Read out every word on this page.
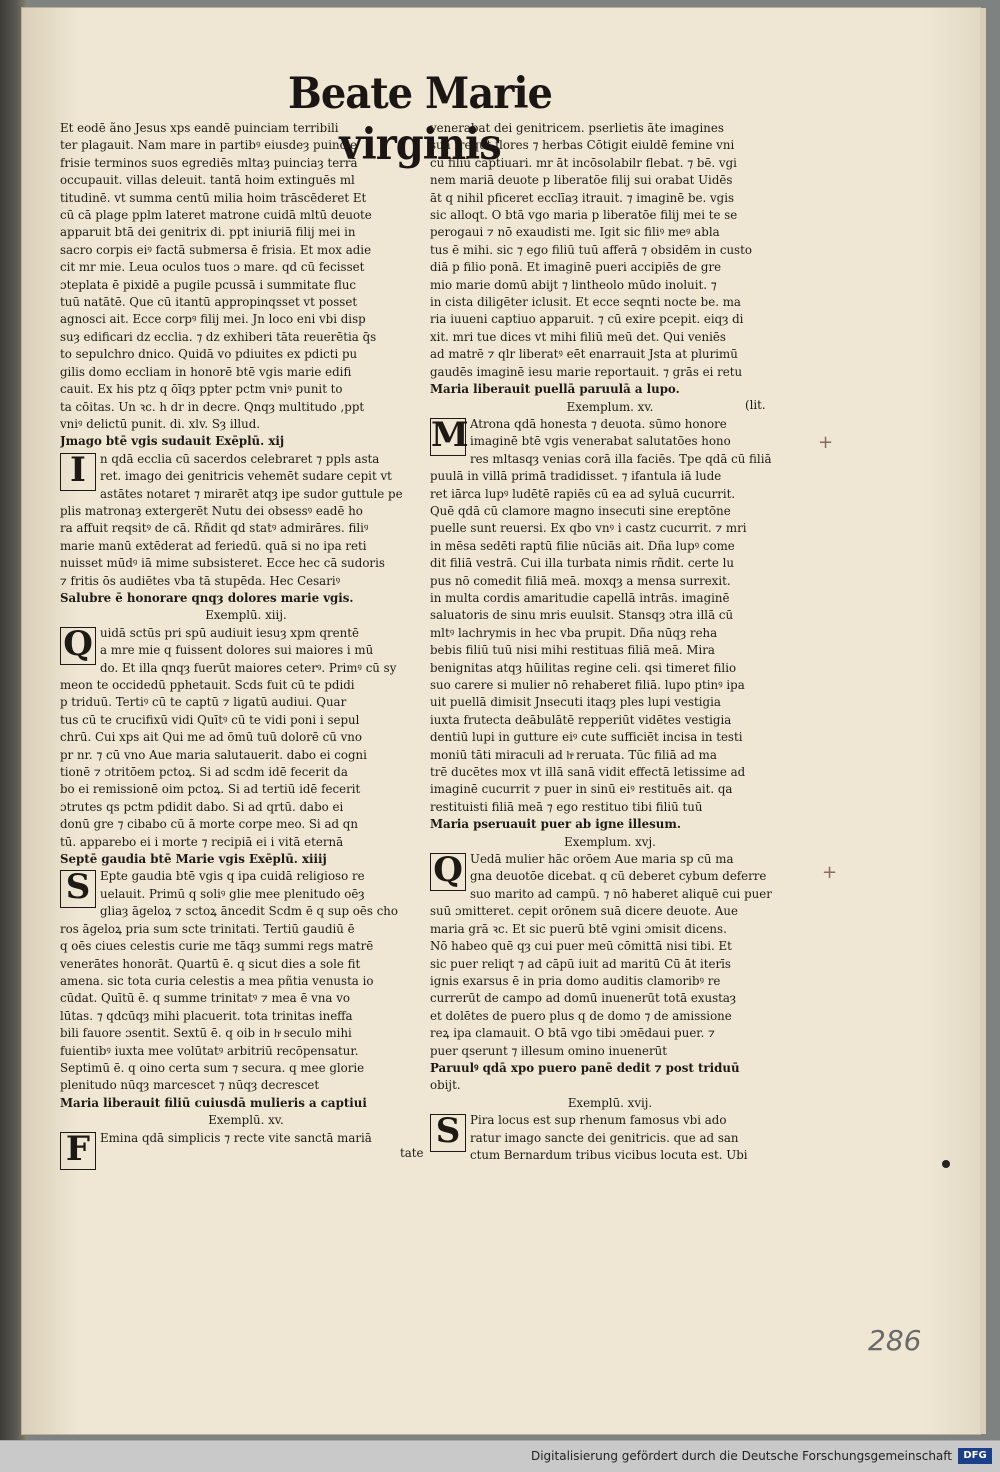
Beate Marie virginis
Et eodē ãno Jesus xps eandē puinciam terribili
ter plagauit. Nam mare in partibꝰ eiusdeȝ puincie
frisie terminos suos egrediēs mltaȝ puinciaȝ terrā
occupauit. villas deleuit. tantā hoim extinguēs ml
titudinē. vt summa centū milia hoim trāscēderet Et
cū cā plage pplm lateret matrone cuidā mltū deuote
apparuit btā dei genitrix di. ppt iniuriā filij mei in
sacro corpis eiꝰ factā submersa ē frisia. Et mox adie
cit mr mie. Leua oculos tuos ɔ mare. qd cū fecisset
ɔteplata ē pixidē a pugile pcussā i summitate fluc
tuū natātē. Que cū itantū appropinqsset vt posset
agnosci ait. Ecce corpꝰ filij mei. Jn loco eni vbi disp
suȝ edificari dz ecclia. ⁊ dz exhiberi tāta reuerētia q̄s
to sepulchro dnico. Quidā vo pdiuites ex pdicti pu
gilis domo eccliam in honorē btē vgis marie edifi
cauit. Ex his ptz q ōīqȝ ppter pctm vniꝰ punit to
ta cōitas. Un ꝛc. h dr in decre. Qnqȝ multitudo ,ppt
vniꝰ delictū punit. di. xlv. Sȝ illud.
Jmago btē vgis sudauit Exēplū. xij
I	n qdā ecclia cū sacerdos celebraret ⁊ ppls asta
ret. imago dei genitricis vehemēt sudare cepit vt
astātes notaret ⁊ mirarēt atqȝ ipe sudor guttule pe
plis matronaȝ extergerēt Nutu dei obsessꝰ eadē ho
ra affuit reqsitꝰ de cā. Rñdit qd statꝰ admirāres. filiꝰ
marie manū extēderat ad feriedū. quā si no ipa reti
nuisset mūdꝰ iā mime subsisteret. Ecce hec cā sudoris
⁊ fritis ōs audiētes vba tā stupēda. Hec Cesariꝰ
Salubre ē honorare qnqȝ dolores marie vgis.
Exemplū. xiij.
Q uidā sctūs pri spū audiuit iesuȝ xpm qrentē
a mre mie q fuissent dolores sui maiores i mū
do. Et illa qnqȝ fuerūt maiores ceterꝰ. Primꝰ cū sy
meon te occidedū pphetauit. Scds fuit cū te pdidi
p triduū. Tertiꝰ cū te captū ⁊ ligatū audiui. Quar
tus cū te crucifixū vidi Quītꝰ cū te vidi poni i sepul
chrū. Cui xps ait Qui me ad ōmū tuū dolorē cū vno
pr nr. ⁊ cū vno Aue maria salutauerit. dabo ei cogni
tionē ⁊ ɔtritōem pctoꝝ. Si ad scdm idē fecerit da
bo ei remissionē oim pctoꝝ. Si ad tertiū idē fecerit
ɔtrutes qs pctm pdidit dabo. Si ad qrtū. dabo ei
donū gre ⁊ cibabo cū ā morte corpe meo. Si ad qn
tū. apparebo ei i morte ⁊ recipiā ei i vitā eternā
Septē gaudia btē Marie vgis Exēplū. xiiij
S Epte gaudia btē vgis q ipa cuidā religioso re
uelauit. Primū q soliꝰ glie mee plenitudo oēȝ
gliaȝ āgeloꝝ ⁊ sctoꝝ āncedit Scdm ē q sup oēs cho
ros āgeloꝝ pria sum scte trinitati. Tertiū gaudiū ē
q oēs ciues celestis curie me tāqȝ summi regs matrē
venerātes honorāt. Quartū ē. q sicut dies a sole fit
amena. sic tota curia celestis a mea pñtia venusta io
cūdat. Quītū ē. q summe trinitatꝰ ⁊ mea ē vna vo
lūtas. ⁊ qdcūqȝ mihi placuerit. tota trinitas ineffa
bili fauore ɔsentit. Sextū ē. q oib in hͣ seculo mihi
fuientibꝰ iuxta mee volūtatꝰ arbitriū recōpensatur.
Septimū ē. q oino certa sum ⁊ secura. q mee glorie
plenitudo nūqȝ marcescet ⁊ nūqȝ decrescet
Maria liberauit filiū cuiusdā mulieris a captiui
Exemplū. xv.
F Emina qdā simplicis ⁊ recte vite sanctā mariā
venerabat dei genitricem. pserlietis āte imagines
suā frequt flores ⁊ herbas Cōtigit eiuldē femine vni
cū filiū captiuari. mr āt incōsolabilr flebat. ⁊ bē. vgi
nem mariā deuote p liberatōe filij sui orabat Uidēs
āt q nihil pficeret ecclīaȝ itrauit. ⁊ imaginē be. vgis
sic alloqt. O btā vgo maria p liberatōe filij mei te se
perogaui ⁊ nō exaudisti me. Igit sic filiꝰ meꝰ abla
tus ē mihi. sic ⁊ ego filiū tuū afferā ⁊ obsidēm in custo
diā p filio ponā. Et imaginē pueri accipiēs de gre
mio marie domū abijt ⁊ lintheolo mūdo inoluit. ⁊
in cista diligēter iclusit. Et ecce seqnti nocte be. ma
ria iuueni captiuo apparuit. ⁊ cū exire pcepit. eiqȝ di
xit. mri tue dices vt mihi filiū meū det. Qui veniēs
ad matrē ⁊ qlr liberatꝰ eēt enarrauit Jsta at plurimū
gaudēs imaginē iesu marie reportauit. ⁊ grās ei retu
Maria liberauit puellā paruulā a lupo.
Exemplum. xv.
M Atrona qdā honesta ⁊ deuota. sūmo honore
imaginē btē vgis venerabat salutatōes hono
res mltasqȝ venias corā illa faciēs. Tpe qdā cū filiā
puulā in villā primā tradidisset. ⁊ ifantula iā lude
ret iārca lupꝰ ludētē rapiēs cū ea ad syluā cucurrit.
Quē qdā cū clamore magno insecuti sine ereptōne
puelle sunt reuersi. Ex qbo vnꝰ i castz cucurrit. ⁊ mri
in mēsa sedēti raptū filie nūciās ait. Dña lupꝰ come
dit filiā vestrā. Cui illa turbata nimis rñdit. certe lu
pus nō comedit filiā meā. moxqȝ a mensa surrexit.
in multa cordis amaritudie capellā intrās. imaginē
saluatoris de sinu mris euulsit. Stansqȝ ɔtra illā cū
mltꝰ lachrymis in hec vba prupit. Dña nūqȝ reha
bebis filiū tuū nisi mihi restituas filiā meā. Mira
benignitas atqȝ hūilitas regine celi. qsi timeret filio
suo carere si mulier nō rehaberet filiā. lupo ptinꝰ ipa
uit puellā dimisit Jnsecuti itaqȝ ples lupi vestigia
iuxta frutecta deābulātē repperiūt vidētes vestigia
dentiū lupi in gutture eiꝰ cute sufficiēt incisa in testi
moniū tāti miraculi ad hͣ reruata. Tūc filiā ad ma
trē ducētes mox vt illā sanā vidit effectā letissime ad
imaginē cucurrit ⁊ puer in sinū eiꝰ restituēs ait. qa
restituisti filiā meā ⁊ ego restituo tibi filiū tuū
Maria pseruauit puer ab igne illesum.
Exemplum. xvj.
Q Uedā mulier hāc orōem Aue maria sp cū ma
gna deuotōe dicebat. q cū deberet cybum deferre
suo marito ad campū. ⁊ nō haberet aliquē cui puer
suū ɔmitteret. cepit orōnem suā dicere deuote. Aue
maria grā ꝛc. Et sic puerū btē vgini ɔmisit dicens.
Nō habeo quē qȝ cui puer meū cōmittā nisi tibi. Et
sic puer reliqt ⁊ ad cāpū iuit ad maritū Cū āt iterīs
ignis exarsus ē in pria domo auditis clamoribꝰ re
currerūt de campo ad domū inuenerūt totā exustaȝ
et dolētes de puero plus q de domo ⁊ de amissione
reꝝ ipa clamauit. O btā vgo tibi ɔmēdaui puer. ⁊
puer qserunt ⁊ illesum omino inuenerūt
Paruulꝰ qdā xpo puero panē dedit ⁊ post triduū
obijt.
Exemplū. xvij.
S Pira locus est sup rhenum famosus vbi ado
ratur imago sancte dei genitricis. que ad san
ctum Bernardum tribus vicibus locuta est. Ubi
+
+
286
Digitalisierung gefördert durch die Deutsche Forschungsgemeinschaft	DFG
tate
(lit.
